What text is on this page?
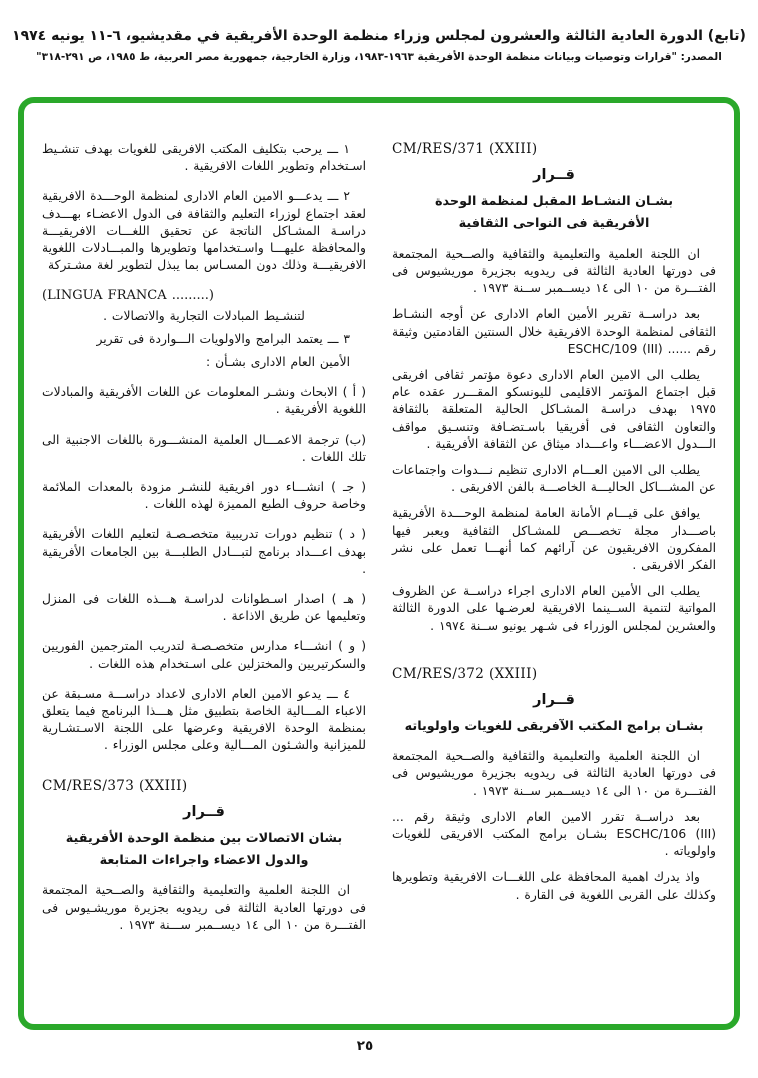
(تابع) الدورة العادية الثالثة والعشرون لمجلس وزراء منظمة الوحدة الأفريقية في مقديشيو، ٦-١١ يونيه ١٩٧٤
المصدر: "قرارات وتوصيات وبيانات منظمة الوحدة الأفريقية ١٩٦٣-١٩٨٣، وزارة الخارجية، جمهورية مصر العربية، ط ١٩٨٥، ص ٢٩١-٣١٨"
CM/RES/371 (XXIII)
قــرار
بشـان النشـاط المقبل لمنظمة الوحدة
الأفريقية فى النواحى الثقافية

ان اللجنة العلمية والتعليمية والثقافية والصــحية المجتمعة فى دورتها العادية الثالثة فى ريدويه بجزيرة موريشيوس فى الفتـــرة من ١٠ الى ١٤ ديســمبر ســنة ١٩٧٣ .

بعد دراســة تقرير الأمين العام الادارى عن أوجه النشـاط الثقافى لمنظمة الوحدة الافريقية خلال السنتين القادمتين وثيقة رقم ...... ESCHC/109 (III)

يطلب الى الامين العام الادارى دعوة مؤتمر ثقافى افريقى قبل اجتماع المؤتمر الاقليمى لليونسكو المقـــرر عقده عام ١٩٧٥ بهدف دراسـة المشـاكل الحالية المتعلقة بالثقافة والتعاون الثقافى فى أفريقيا باسـتضـافة وتنسـيق مواقف الـــدول الاعضـــاء واعـــداد ميثاق عن الثقافة الأفريقية .

يطلب الى الامين العـــام الادارى تنظيم نـــدوات واجتماعات عن المشـــاكل الحاليـــة الخاصـــة بالفن الافريقى .

يوافق على قيـــام الأمانة العامة لمنظمة الوحـــدة الأفريقية باصـــدار مجلة تخصـــص للمشـاكل الثقافية ويعبر فيها المفكرون الافريقيون عن آرائهم كما أنهـــا تعمل على نشر الفكر الافريقى .

يطلب الى الأمين العام الادارى اجراء دراســة عن الظروف المواتية لتنمية الســينما الافريقية لعرضـها على الدورة الثالثة والعشرين لمجلس الوزراء فى شـهر يونيو ســنة ١٩٧٤ .

CM/RES/372 (XXIII)
قــرار
بشـان برامج المكتب الآفريقى للغويات واولوياته

ان اللجنة العلمية والتعليمية والثقافية والصــحية المجتمعة فى دورتها العادية الثالثة فى ريدويه بجزيرة موريشيوس فى الفتـــرة من ١٠ الى ١٤ ديســمبر ســنة ١٩٧٣ .

بعد دراســة تقرر الامين العام الادارى وثيقة رقم ... ESCHC/106 (III) بشـان برامج المكتب الافريقى للغويات واولوياته .

واذ يدرك اهمية المحافظة على اللغـــات الافريقية وتطويرها وكذلك على القربى اللغوية فى القارة .

١ ـــ يرحب بتكليف المكتب الافريقى للغويات بهدف تنشـيط اسـتخدام وتطوير اللغات الافريقية .

٢ ـــ يدعـــو الامين العام الادارى لمنظمة الوحـــدة الافريقية لعقد اجتماع لوزراء التعليم والثقافة فى الدول الاعضـاء بهـــدف دراسـة المشـاكل الناتجة عن تحقيق اللغـــات الافريقيـــة والمحافظة عليهـــا واسـتخدامها وتطويرها والمبـــادلات اللغوية الافريقيـــة وذلك دون المسـاس بما يبذل لتطوير لغة مشـتركة

(LINGUA FRANCA .........)

لتنشـيط المبادلات التجارية والاتصالات .

٣ ـــ يعتمد البرامج والاولويات الـــواردة فى تقرير

الأمين العام الادارى بشـأن :

( أ ) الابحاث ونشـر المعلومات عن اللغات الأفريقية والمبادلات اللغوية الأفريقية .

(ب) ترجمة الاعمـــال العلمية المنشـــورة باللغات الاجنبية الى تلك اللغات .

( جـ ) انشـــاء دور افريقية للنشـر مزودة بالمعدات الملائمة وخاصة حروف الطبع المميزة لهذه اللغات .

( د ) تنظيم دورات تدريبية متخصـصـة لتعليم اللغات الأفريقية بهدف اعـــداد برنامج لتبـــادل الطلبـــة بين الجامعات الأفريقية .

( هـ ) اصدار اسـطوانات لدراسـة هـــذه اللغات فى المنزل وتعليمها عن طريق الاذاعة .

( و ) انشـــاء مدارس متخصـصـة لتدريب المترجمين الفوريين والسكرتيريين والمختزلين على اسـتخدام هذه اللغات .

٤ ـــ يدعو الامين العام الادارى لاعداد دراســـة مسـبقة عن الاعباء المـــالية الخاصة بتطبيق مثل هـــذا البرنامج فيما يتعلق بمنظمة الوحدة الافريقية وعرضها على اللجنة الاسـتشـارية للميزانية والشـئون المـــالية وعلى مجلس الوزراء .

CM/RES/373 (XXIII)
قــرار
بشان الاتصالات بين منظمة الوحدة الأفريقية
والدول الاعضاء واجراءات المتابعة

ان اللجنة العلمية والتعليمية والثقافية والصــحية المجتمعة فى دورتها العادية الثالثة فى ريدويه بجزيرة موريشـيوس فى الفتـــرة من ١٠ الى ١٤ ديســمبر ســـنة ١٩٧٣ .

٢٥
